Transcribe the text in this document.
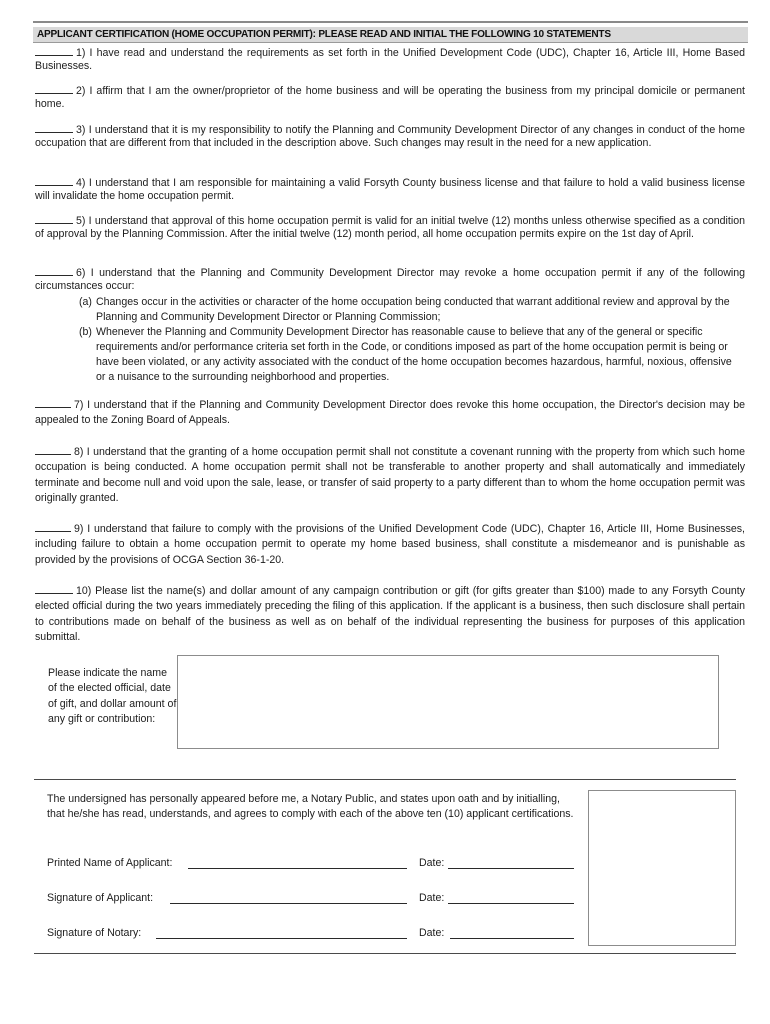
APPLICANT CERTIFICATION (HOME OCCUPATION PERMIT): PLEASE READ AND INITIAL THE FOLLOWING 10 STATEMENTS
1) I have read and understand the requirements as set forth in the Unified Development Code (UDC), Chapter 16, Article III, Home Based Businesses.
2) I affirm that I am the owner/proprietor of the home business and will be operating the business from my principal domicile or permanent home.
3) I understand that it is my responsibility to notify the Planning and Community Development Director of any changes in conduct of the home occupation that are different from that included in the description above. Such changes may result in the need for a new application.
4) I understand that I am responsible for maintaining a valid Forsyth County business license and that failure to hold a valid business license will invalidate the home occupation permit.
5) I understand that approval of this home occupation permit is valid for an initial twelve (12) months unless otherwise specified as a condition of approval by the Planning Commission. After the initial twelve (12) month period, all home occupation permits expire on the 1st day of April.
6) I understand that the Planning and Community Development Director may revoke a home occupation permit if any of the following circumstances occur:
(a) Changes occur in the activities or character of the home occupation being conducted that warrant additional review and approval by the Planning and Community Development Director or Planning Commission;
(b) Whenever the Planning and Community Development Director has reasonable cause to believe that any of the general or specific requirements and/or performance criteria set forth in the Code, or conditions imposed as part of the home occupation permit is being or have been violated, or any activity associated with the conduct of the home occupation becomes hazardous, harmful, noxious, offensive or a nuisance to the surrounding neighborhood and properties.
7) I understand that if the Planning and Community Development Director does revoke this home occupation, the Director's decision may be appealed to the Zoning Board of Appeals.
8) I understand that the granting of a home occupation permit shall not constitute a covenant running with the property from which such home occupation is being conducted. A home occupation permit shall not be transferable to another property and shall automatically and immediately terminate and become null and void upon the sale, lease, or transfer of said property to a party different than to whom the home occupation permit was originally granted.
9) I understand that failure to comply with the provisions of the Unified Development Code (UDC), Chapter 16, Article III, Home Businesses, including failure to obtain a home occupation permit to operate my home based business, shall constitute a misdemeanor and is punishable as provided by the provisions of OCGA Section 36-1-20.
10) Please list the name(s) and dollar amount of any campaign contribution or gift (for gifts greater than $100) made to any Forsyth County elected official during the two years immediately preceding the filing of this application. If the applicant is a business, then such disclosure shall pertain to contributions made on behalf of the business as well as on behalf of the individual representing the business for purposes of this application submittal.
Please indicate the name of the elected official, date of gift, and dollar amount of any gift or contribution:
The undersigned has personally appeared before me, a Notary Public, and states upon oath and by initialling, that he/she has read, understands, and agrees to comply with each of the above ten (10) applicant certifications.
Printed Name of Applicant:	Date:
Signature of Applicant:	Date:
Signature of Notary:	Date:
